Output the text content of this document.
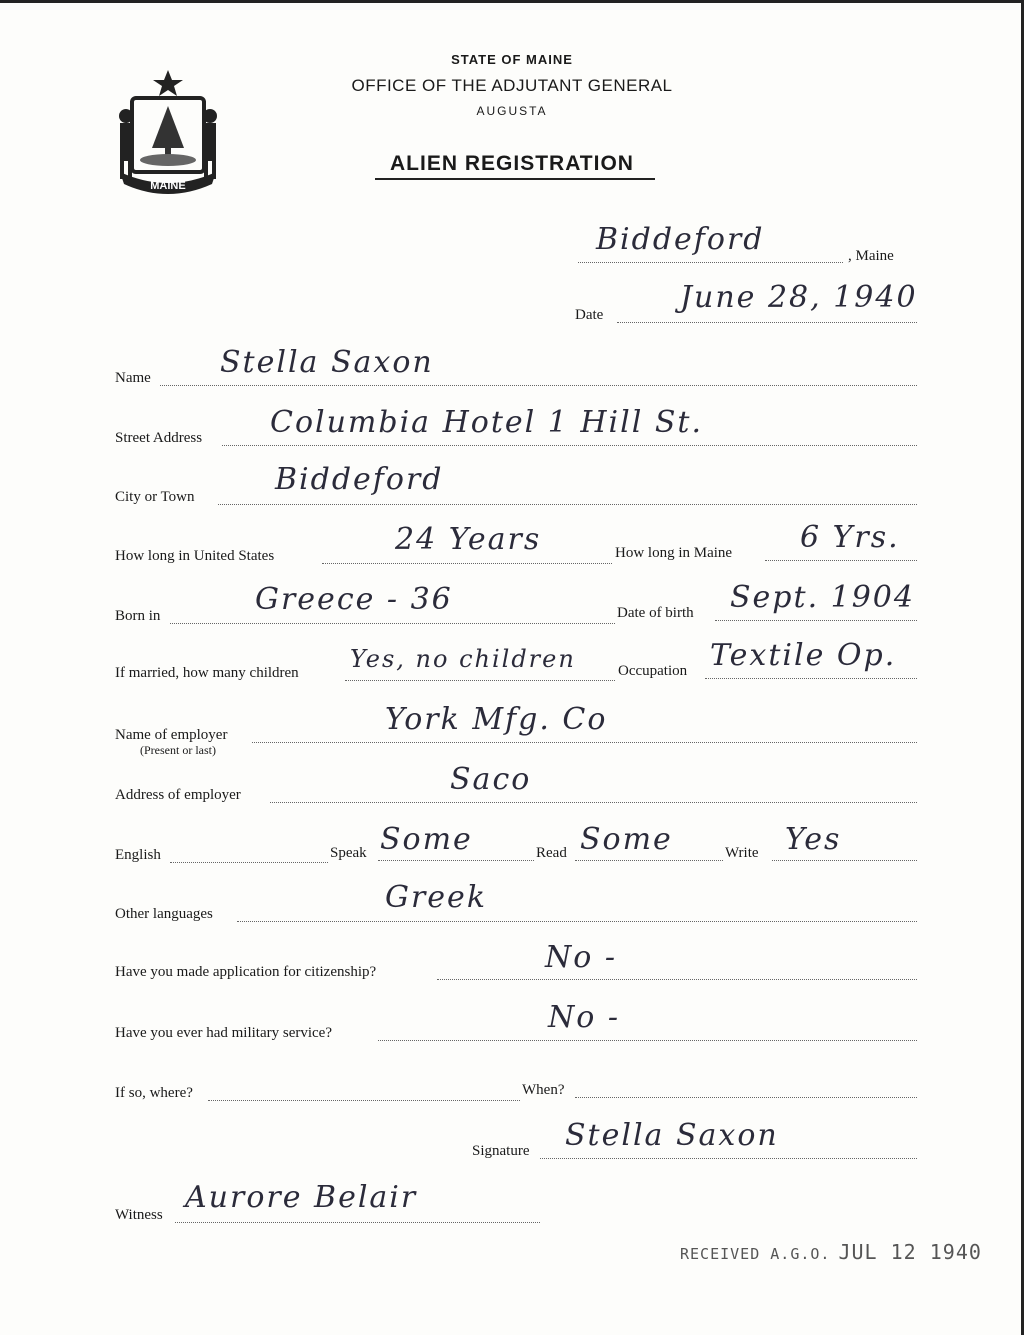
MAINE
STATE OF MAINE
OFFICE OF THE ADJUTANT GENERAL
AUGUSTA
ALIEN REGISTRATION
Biddeford	, Maine
Date	June 28, 1940
Name Stella Saxon
Street Address Columbia Hotel 1 Hill St.
City or Town	Biddeford
How long in United States	24 Years	How long in Maine 6 Yrs.
Born in	Greece - 36	Date of birth Sept. 1904
If married, how many children Yes, no children	Occupation Textile Op.
Name of employer
(Present or last)
York Mfg. Co
Address of employer	Saco
English	Speak Some	Read Some	Write Yes
Other languages	Greek
Have you made application for citizenship?	No -
Have you ever had military service?	No -
If so, where?	When?
Signature Stella Saxon
Witness Aurore Belair
RECEIVED A.G.O. JUL 12 1940
